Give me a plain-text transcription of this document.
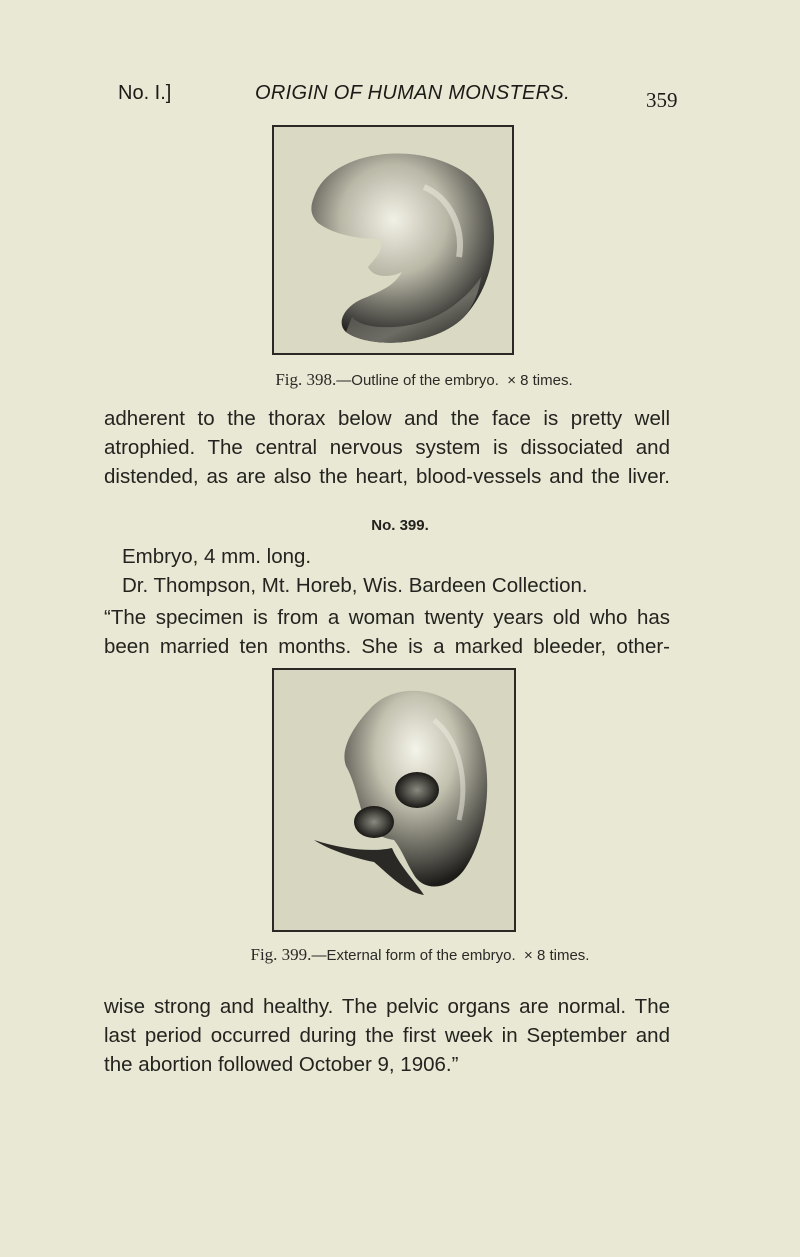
No. I.]	ORIGIN OF HUMAN MONSTERS.	359
Fig. 398.—Outline of the embryo. × 8 times.
adherent to the thorax below and the face is pretty well
atrophied. The central nervous system is dissociated and
distended, as are also the heart, blood-vessels and the liver.
No. 399.
Embryo, 4 mm. long.
Dr. Thompson, Mt. Horeb, Wis. Bardeen Collection.
“The specimen is from a woman twenty years old who has
been married ten months. She is a marked bleeder, other-
Fig. 399.—External form of the embryo. × 8 times.
wise strong and healthy. The pelvic organs are normal. The
last period occurred during the first week in September and
the abortion followed October 9, 1906.”
